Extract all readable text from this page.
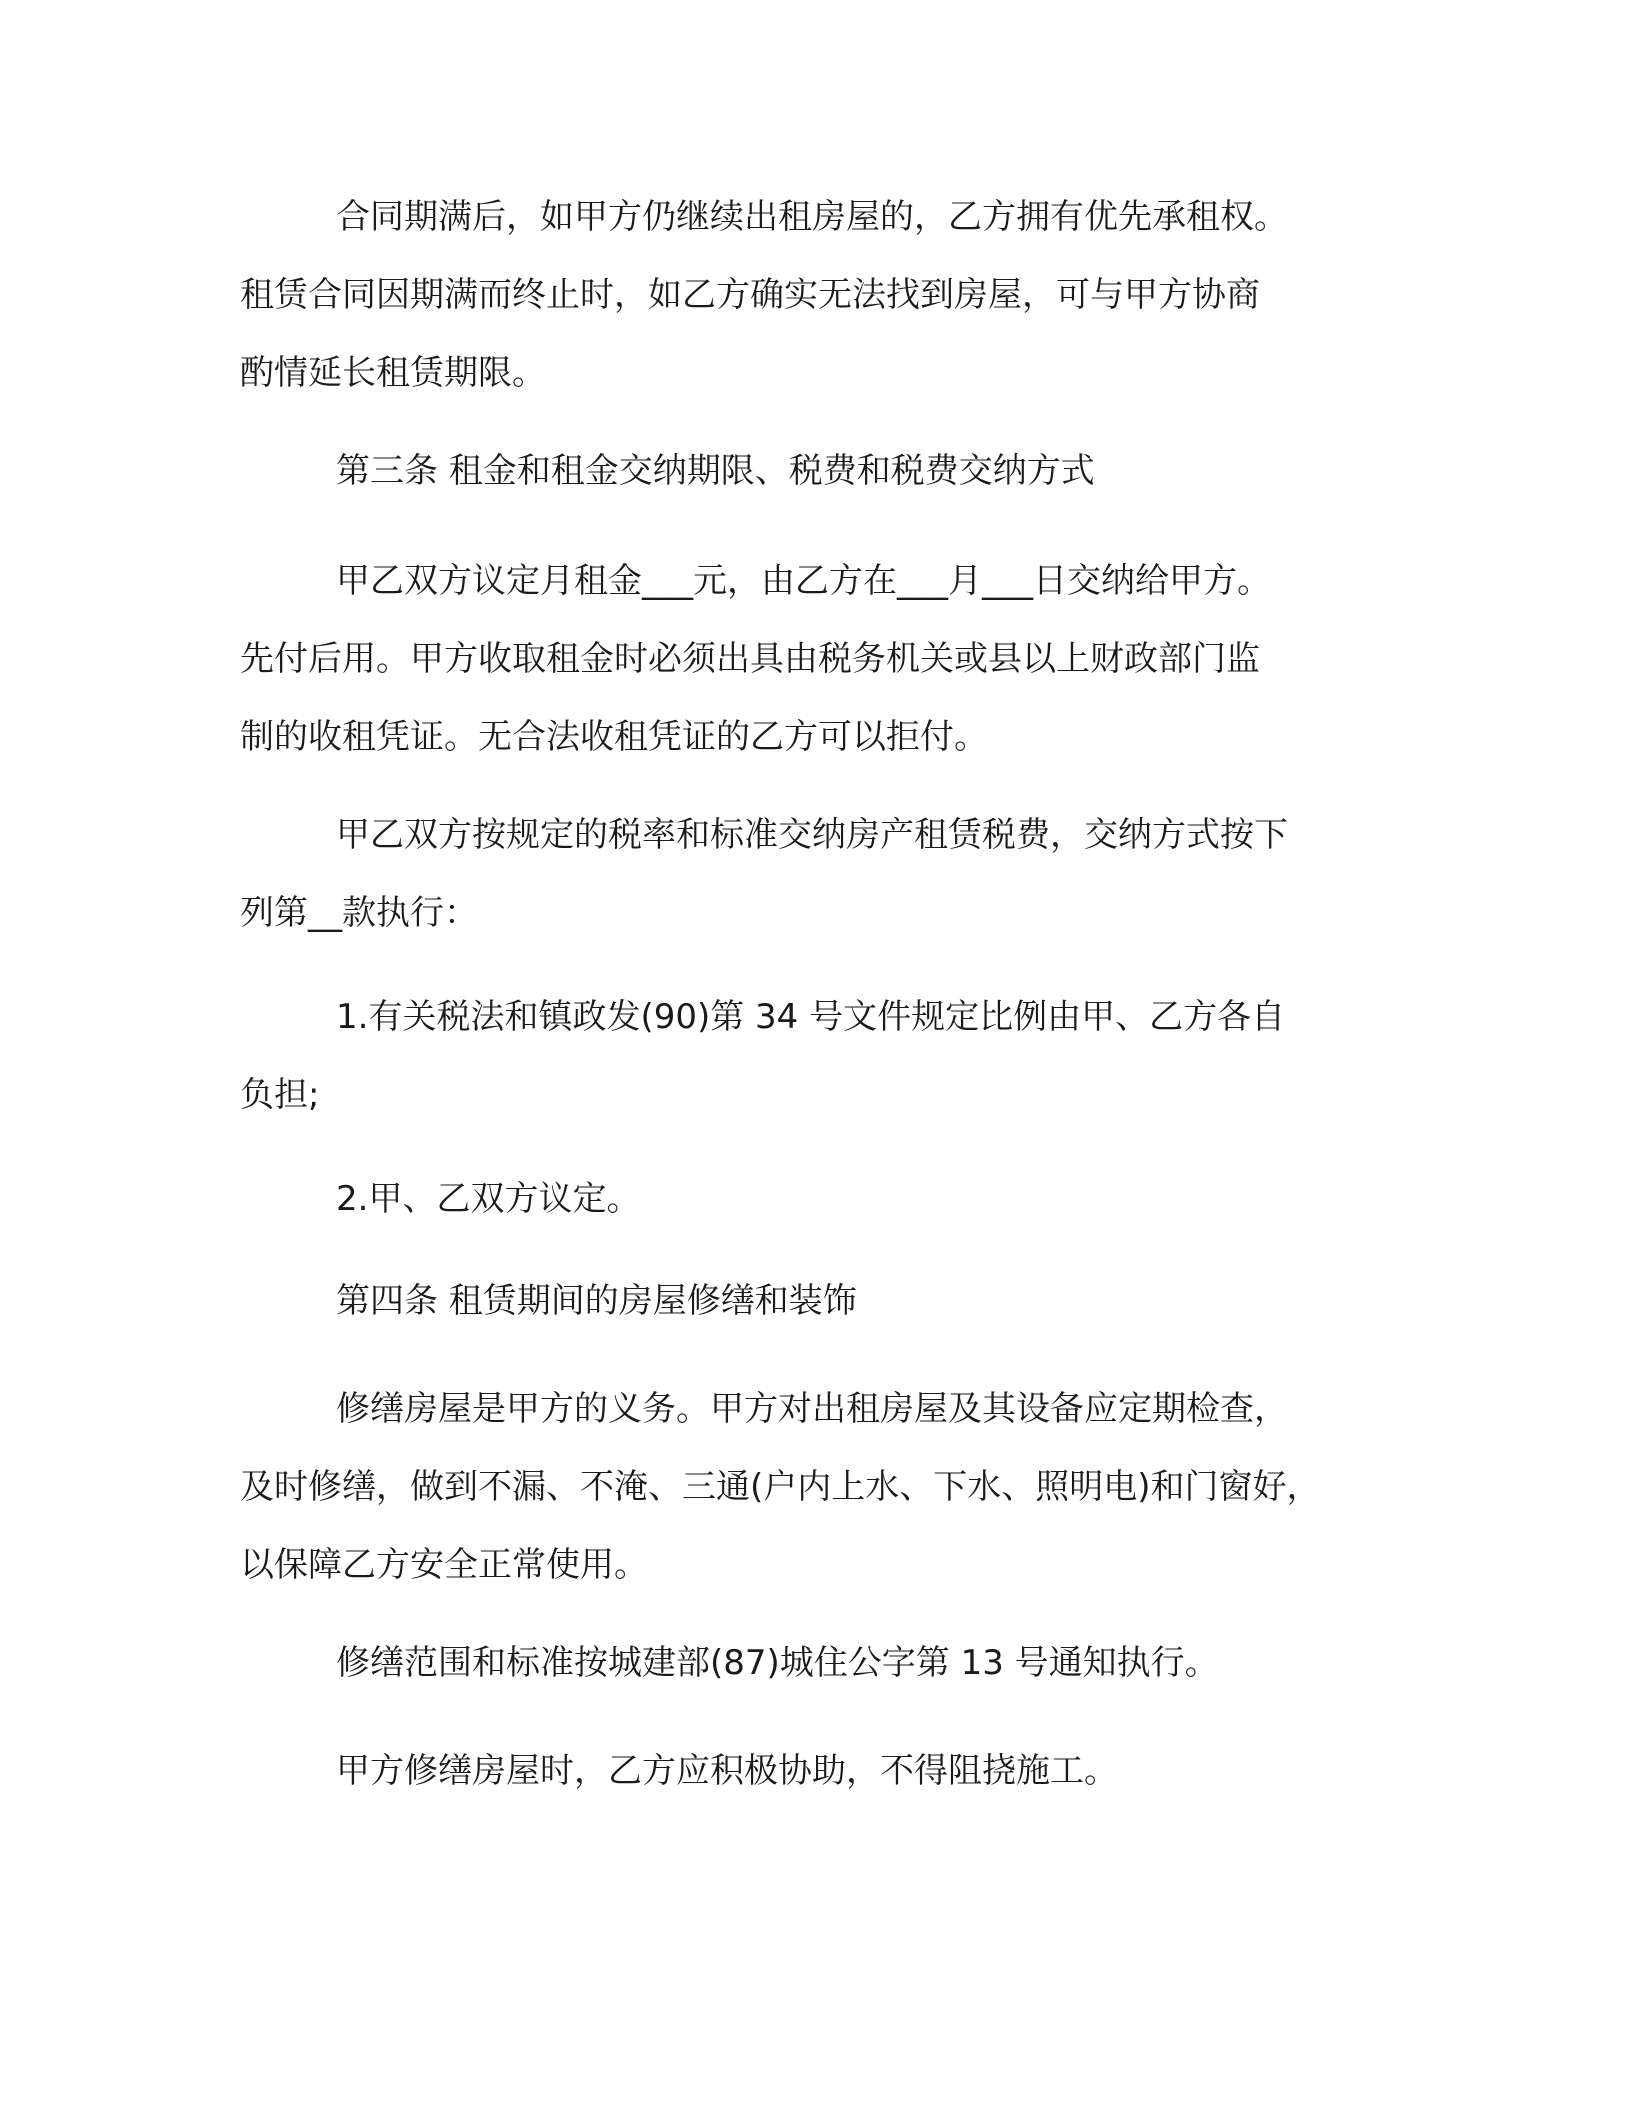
合同期满后，如甲方仍继续出租房屋的，乙方拥有优先承租权。
租赁合同因期满而终止时，如乙方确实无法找到房屋，可与甲方协商
酌情延长租赁期限。
第三条 租金和租金交纳期限、税费和税费交纳方式
甲乙双方议定月租金___元，由乙方在___月___日交纳给甲方。
先付后用。甲方收取租金时必须出具由税务机关或县以上财政部门监
制的收租凭证。无合法收租凭证的乙方可以拒付。
甲乙双方按规定的税率和标准交纳房产租赁税费，交纳方式按下
列第__款执行：
1.有关税法和镇政发(90)第 34 号文件规定比例由甲、乙方各自
负担;
2.甲、乙双方议定。
第四条 租赁期间的房屋修缮和装饰
修缮房屋是甲方的义务。甲方对出租房屋及其设备应定期检查，
及时修缮，做到不漏、不淹、三通(户内上水、下水、照明电)和门窗好，
以保障乙方安全正常使用。
修缮范围和标准按城建部(87)城住公字第 13 号通知执行。
甲方修缮房屋时，乙方应积极协助，不得阻挠施工。
